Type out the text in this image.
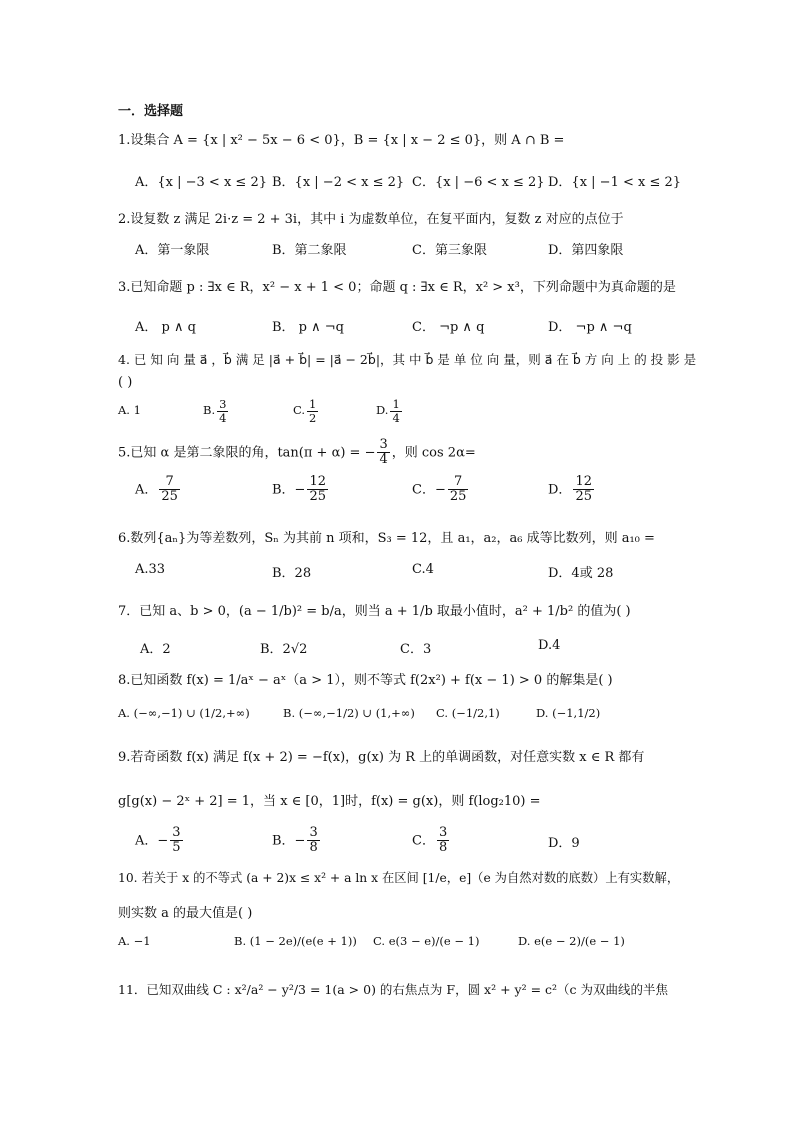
一．选择题
1.设集合 A = {x | x² − 5x − 6 < 0}，B = {x | x − 2 ≤ 0}，则 A ∩ B =
A．{x | −3 < x ≤ 2} B．{x | −2 < x ≤ 2} C．{x | −6 < x ≤ 2} D．{x | −1 < x ≤ 2}
2.设复数 z 满足 2i·z = 2 + 3i，其中 i 为虚数单位，在复平面内，复数 z 对应的点位于
A．第一象限	B．第二象限	C．第三象限	D．第四象限
3.已知命题 p : ∃x ∈ R，x² − x + 1 < 0；命题 q : ∃x ∈ R，x² > x³，下列命题中为真命题的是
A． p ∧ q	B． p ∧ ¬q	C． ¬p ∧ q	D． ¬p ∧ ¬q
4. 已 知 向 量 a⃗ ，b⃗ 满 足 |a⃗ + b⃗| = |a⃗ − 2b⃗|，其 中 b⃗ 是 单 位 向 量，则 a⃗ 在 b⃗ 方 向 上 的 投 影 是
( )
A. 1	B. $\frac{3}{4}$	C. $\frac{1}{2}$	D. $\frac{1}{4}$
5.已知 α 是第二象限的角，tan(π + α) = − $\frac{3}{4}$ ，则 cos 2α=
A． $\frac{7}{25}$	B．− $\frac{12}{25}$	C．− $\frac{7}{25}$	D． $\frac{12}{25}$
6.数列{aₙ}为等差数列，Sₙ 为其前 n 项和，S₃ = 12，且 a₁，a₂，a₆ 成等比数列，则 a₁₀ =
A.33	B．28	C.4	D．4或 28
7．已知 a、b > 0，(a − 1/b)² = b/a，则当 a + 1/b 取最小值时，a² + 1/b² 的值为( )
A．2	B．2√2	C．3	D.4
8.已知函数 f(x) = 1/aˣ − aˣ（a > 1），则不等式 f(2x²) + f(x − 1) > 0 的解集是( )
A. (−∞,−1) ∪ (1/2,+∞)	B. (−∞,−1/2) ∪ (1,+∞) C. (−1/2,1)	D. (−1,1/2)
9.若奇函数 f(x) 满足 f(x + 2) = −f(x)，g(x) 为 R 上的单调函数，对任意实数 x ∈ R 都有
g[g(x) − 2ˣ + 2] = 1，当 x ∈ [0，1]时，f(x) = g(x)，则 f(log₂10) =
A．− $\frac{3}{5}$	B．− $\frac{3}{8}$	C． $\frac{3}{8}$	D．9
10. 若关于 x 的不等式 (a + 2)x ≤ x² + a ln x 在区间 [1/e，e]（e 为自然对数的底数）上有实数解，
则实数 a 的最大值是( )
A. −1	B. (1 − 2e)/(e(e + 1)) C. e(3 − e)/(e − 1)	D. e(e − 2)/(e − 1)
11．已知双曲线 C : x²/a² − y²/3 = 1(a > 0) 的右焦点为 F，圆 x² + y² = c²（c 为双曲线的半焦
